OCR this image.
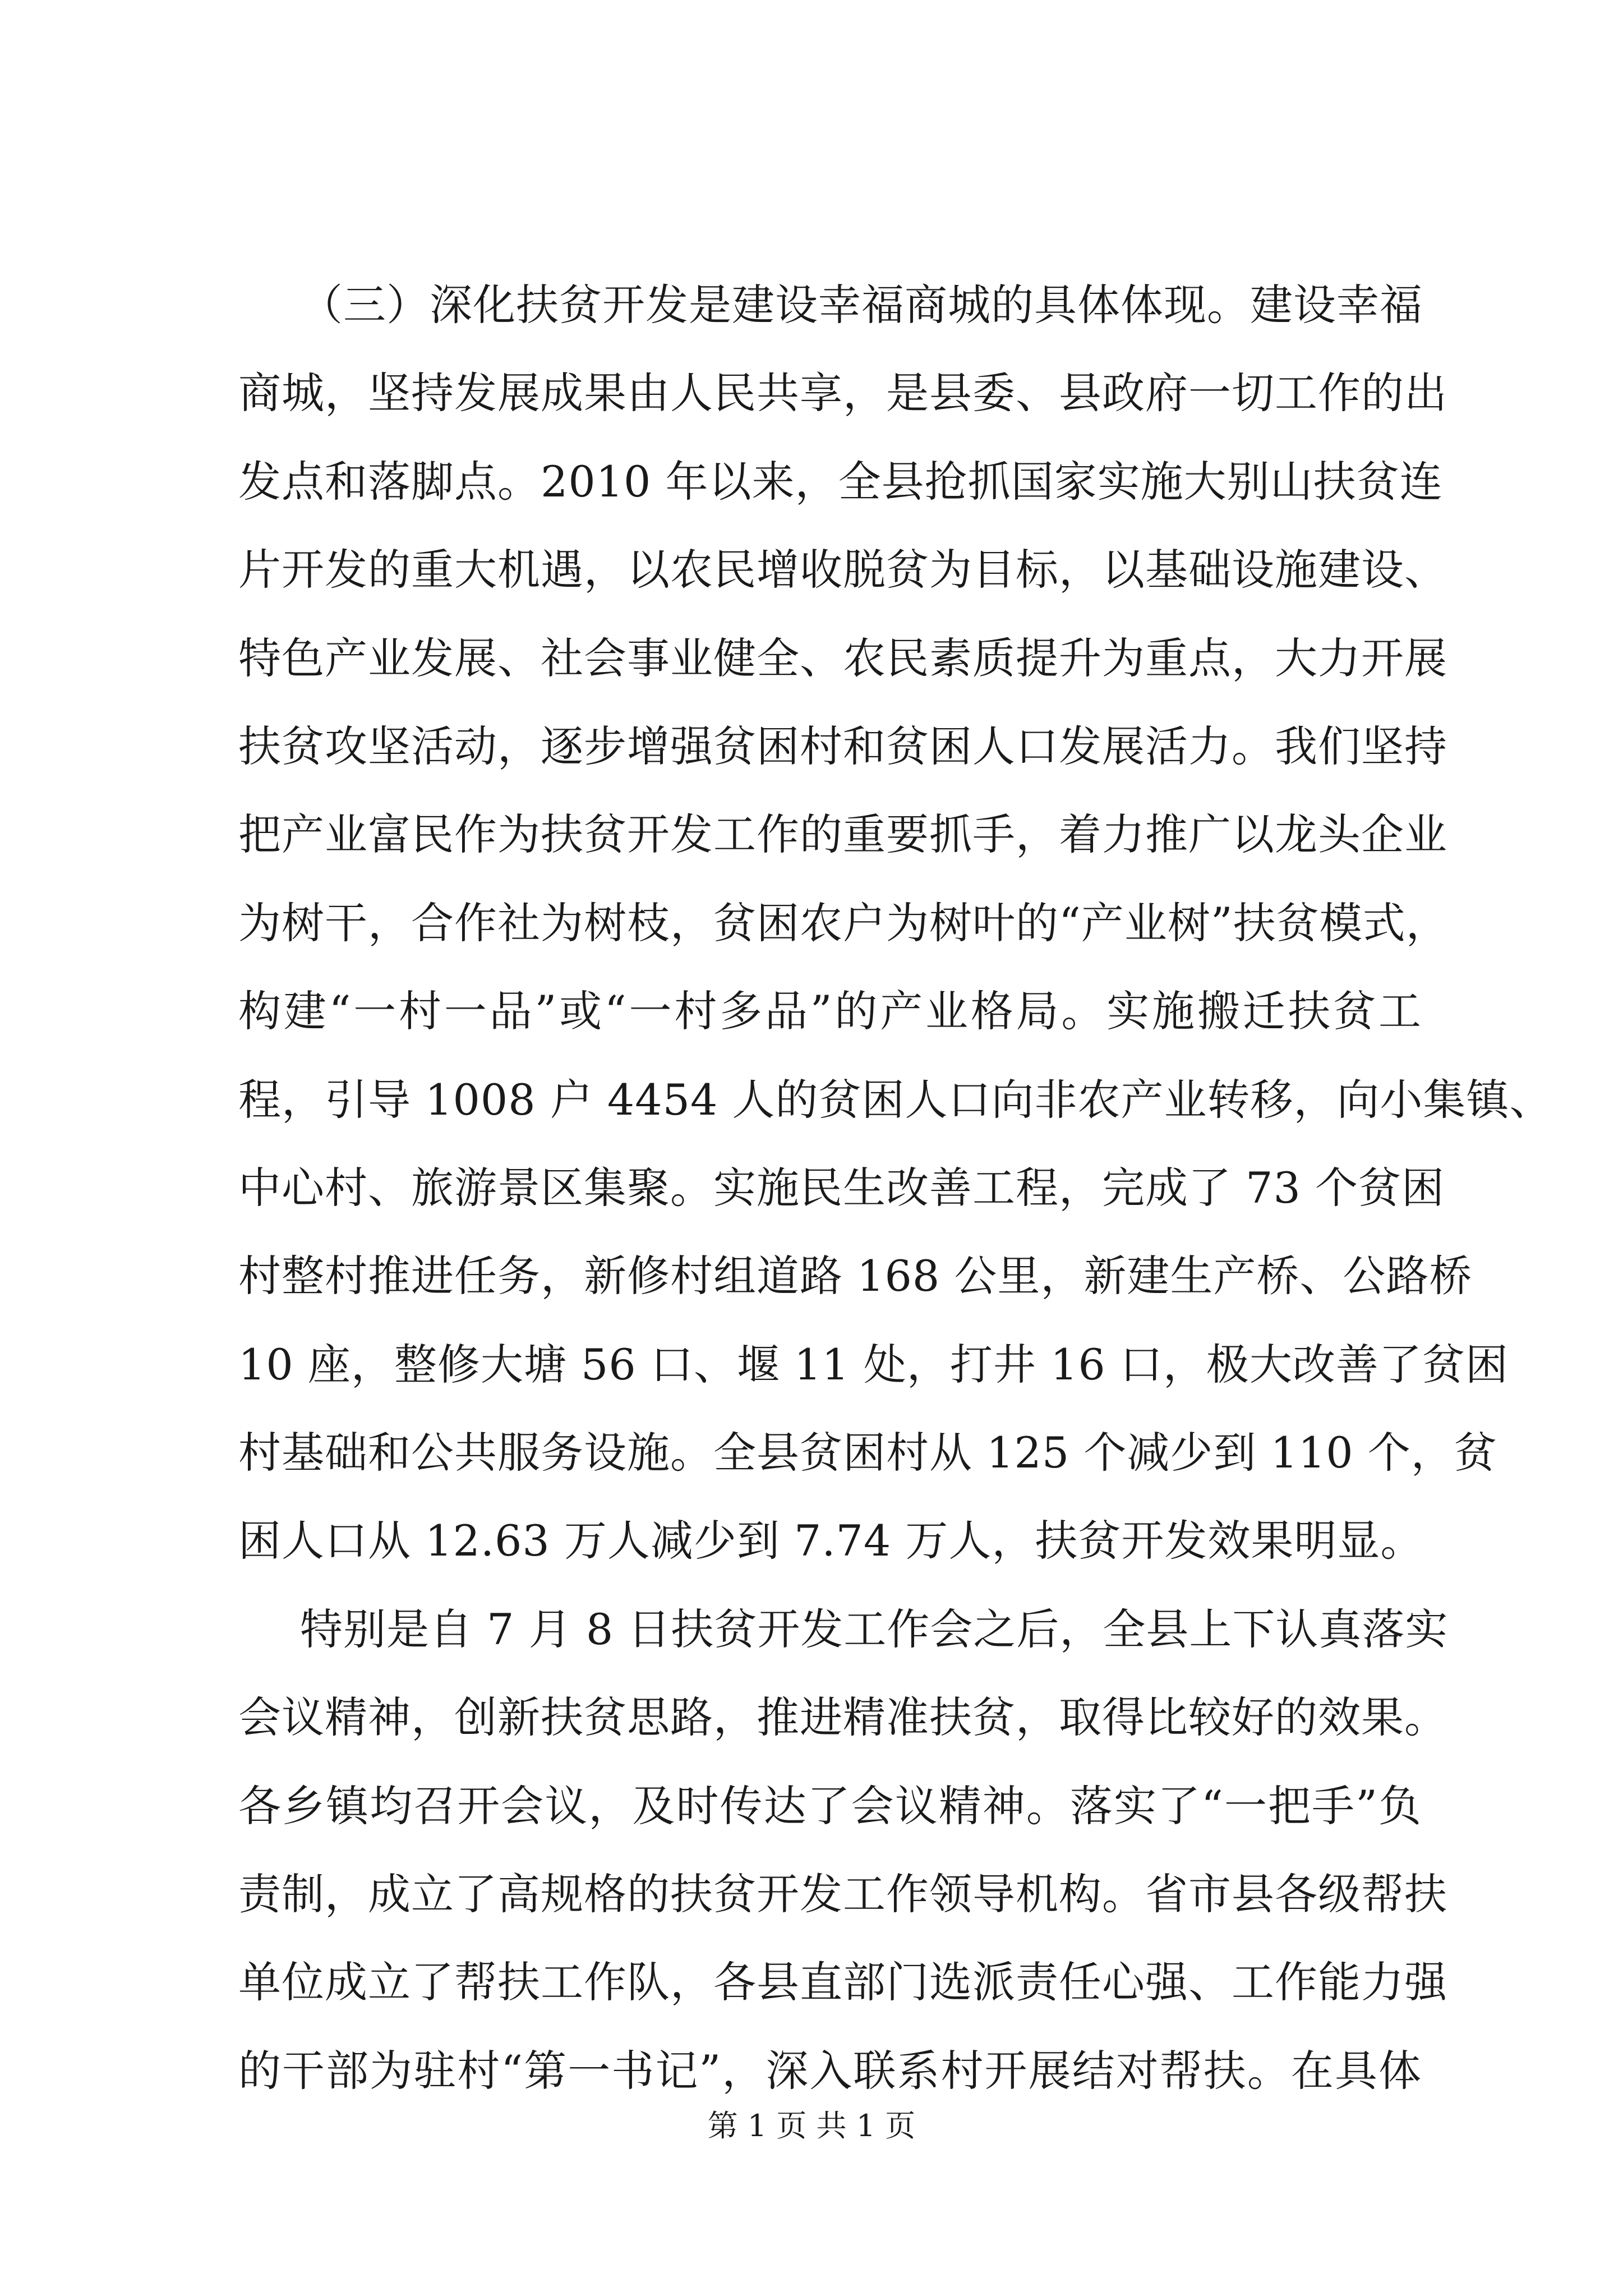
（三）深化扶贫开发是建设幸福商城的具体体现。建设幸福
商城，坚持发展成果由人民共享，是县委、县政府一切工作的出
发点和落脚点。2010 年以来，全县抢抓国家实施大别山扶贫连
片开发的重大机遇，以农民增收脱贫为目标，以基础设施建设、
特色产业发展、社会事业健全、农民素质提升为重点，大力开展
扶贫攻坚活动，逐步增强贫困村和贫困人口发展活力。我们坚持
把产业富民作为扶贫开发工作的重要抓手，着力推广以龙头企业
为树干，合作社为树枝，贫困农户为树叶的“产业树”扶贫模式，
构建“一村一品”或“一村多品”的产业格局。实施搬迁扶贫工
程，引导 1008 户 4454 人的贫困人口向非农产业转移，向小集镇、
中心村、旅游景区集聚。实施民生改善工程，完成了 73 个贫困
村整村推进任务，新修村组道路 168 公里，新建生产桥、公路桥
10 座，整修大塘 56 口、堰 11 处，打井 16 口，极大改善了贫困
村基础和公共服务设施。全县贫困村从 125 个减少到 110 个，贫
困人口从 12.63 万人减少到 7.74 万人，扶贫开发效果明显。
特别是自 7 月 8 日扶贫开发工作会之后，全县上下认真落实
会议精神，创新扶贫思路，推进精准扶贫，取得比较好的效果。
各乡镇均召开会议，及时传达了会议精神。落实了“一把手”负
责制，成立了高规格的扶贫开发工作领导机构。省市县各级帮扶
单位成立了帮扶工作队，各县直部门选派责任心强、工作能力强
的干部为驻村“第一书记”，深入联系村开展结对帮扶。在具体
第 1 页 共 1 页
